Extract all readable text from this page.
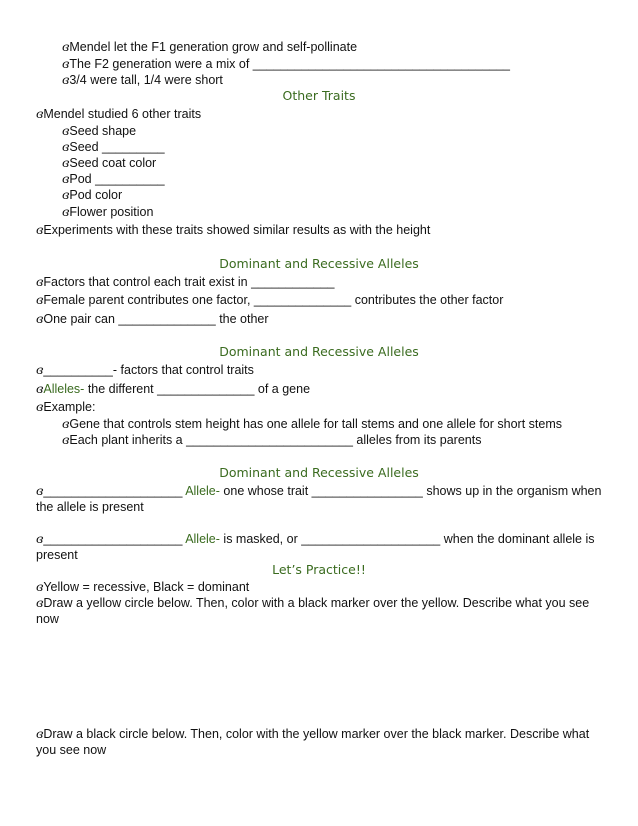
ɞMendel let the F1 generation grow and self-pollinate
ɞThe F2 generation were a mix of _____________________________________
ɞ3/4 were tall, 1/4 were short
Other Traits
ɞMendel studied 6 other traits
ɞSeed shape
ɞSeed _________
ɞSeed coat color
ɞPod __________
ɞPod color
ɞFlower position
ɞExperiments with these traits showed similar results as with the height
Dominant and Recessive Alleles
ɞFactors that control each trait exist in ____________
ɞFemale parent contributes one factor, ______________ contributes the other factor
ɞOne pair can ______________ the other
Dominant and Recessive Alleles
ɞ__________- factors that control traits
ɞAlleles- the different ______________ of a gene
ɞExample:
ɞGene that controls stem height has one allele for tall stems and one allele for short stems
ɞEach plant inherits a ________________________ alleles from its parents
Dominant and Recessive Alleles
ɞ____________________ Allele- one whose trait ________________ shows up in the organism when the allele is present
ɞ____________________ Allele- is masked, or ____________________ when the dominant allele is present
Let’s Practice!!
ɞYellow = recessive, Black = dominant
ɞDraw a yellow circle below. Then, color with a black marker over the yellow. Describe what you see now
ɞDraw a black circle below. Then, color with the yellow marker over the black marker. Describe what you see now
